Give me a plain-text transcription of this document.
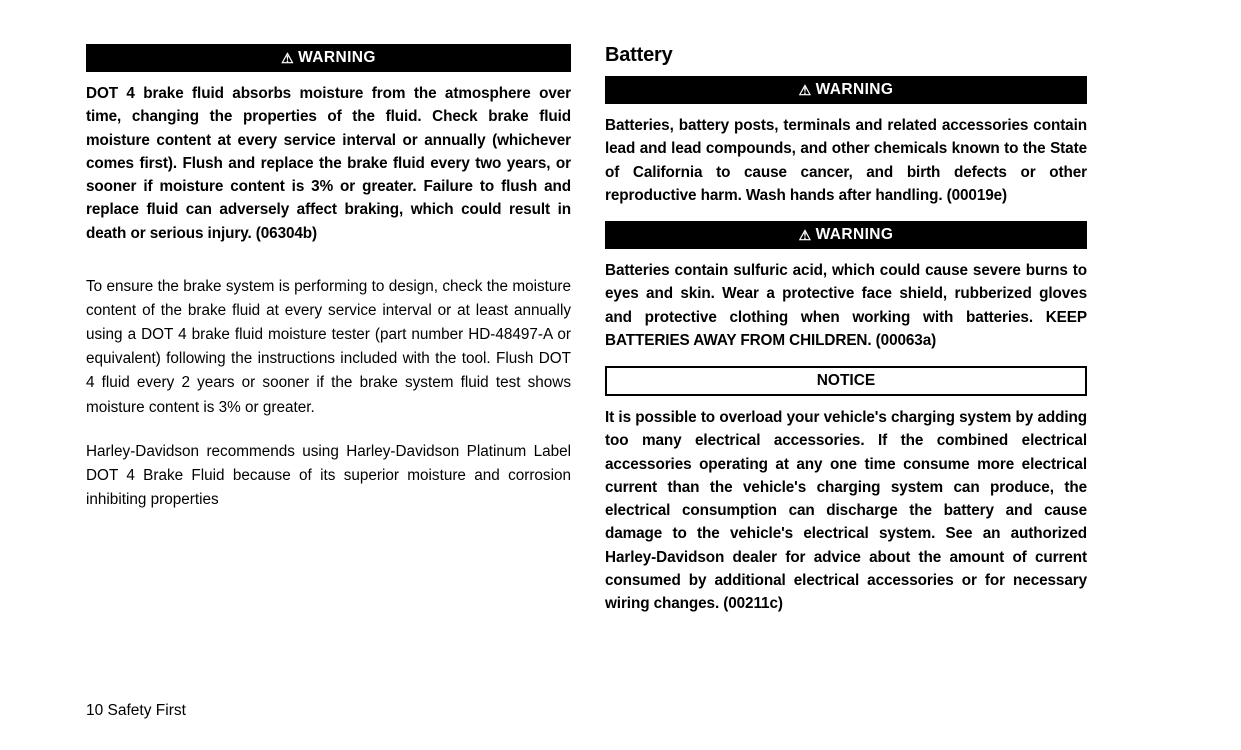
⚠ WARNING

DOT 4 brake fluid absorbs moisture from the atmosphere over time, changing the properties of the fluid. Check brake fluid moisture content at every service interval or annually (whichever comes first). Flush and replace the brake fluid every two years, or sooner if moisture content is 3% or greater. Failure to flush and replace fluid can adversely affect braking, which could result in death or serious injury. (06304b)

To ensure the brake system is performing to design, check the moisture content of the brake fluid at every service interval or at least annually using a DOT 4 brake fluid moisture tester (part number HD-48497-A or equivalent) following the instructions included with the tool. Flush DOT 4 fluid every 2 years or sooner if the brake system fluid test shows moisture content is 3% or greater.

Harley-Davidson recommends using Harley-Davidson Platinum Label DOT 4 Brake Fluid because of its superior moisture and corrosion inhibiting properties

Battery
⚠ WARNING

Batteries, battery posts, terminals and related accessories contain lead and lead compounds, and other chemicals known to the State of California to cause cancer, and birth defects or other reproductive harm. Wash hands after handling. (00019e)

⚠ WARNING

Batteries contain sulfuric acid, which could cause severe burns to eyes and skin. Wear a protective face shield, rubberized gloves and protective clothing when working with batteries. KEEP BATTERIES AWAY FROM CHILDREN. (00063a)

NOTICE

It is possible to overload your vehicle's charging system by adding too many electrical accessories. If the combined electrical accessories operating at any one time consume more electrical current than the vehicle's charging system can produce, the electrical consumption can discharge the battery and cause damage to the vehicle's electrical system. See an authorized Harley-Davidson dealer for advice about the amount of current consumed by additional electrical accessories or for necessary wiring changes. (00211c)

10 Safety First
